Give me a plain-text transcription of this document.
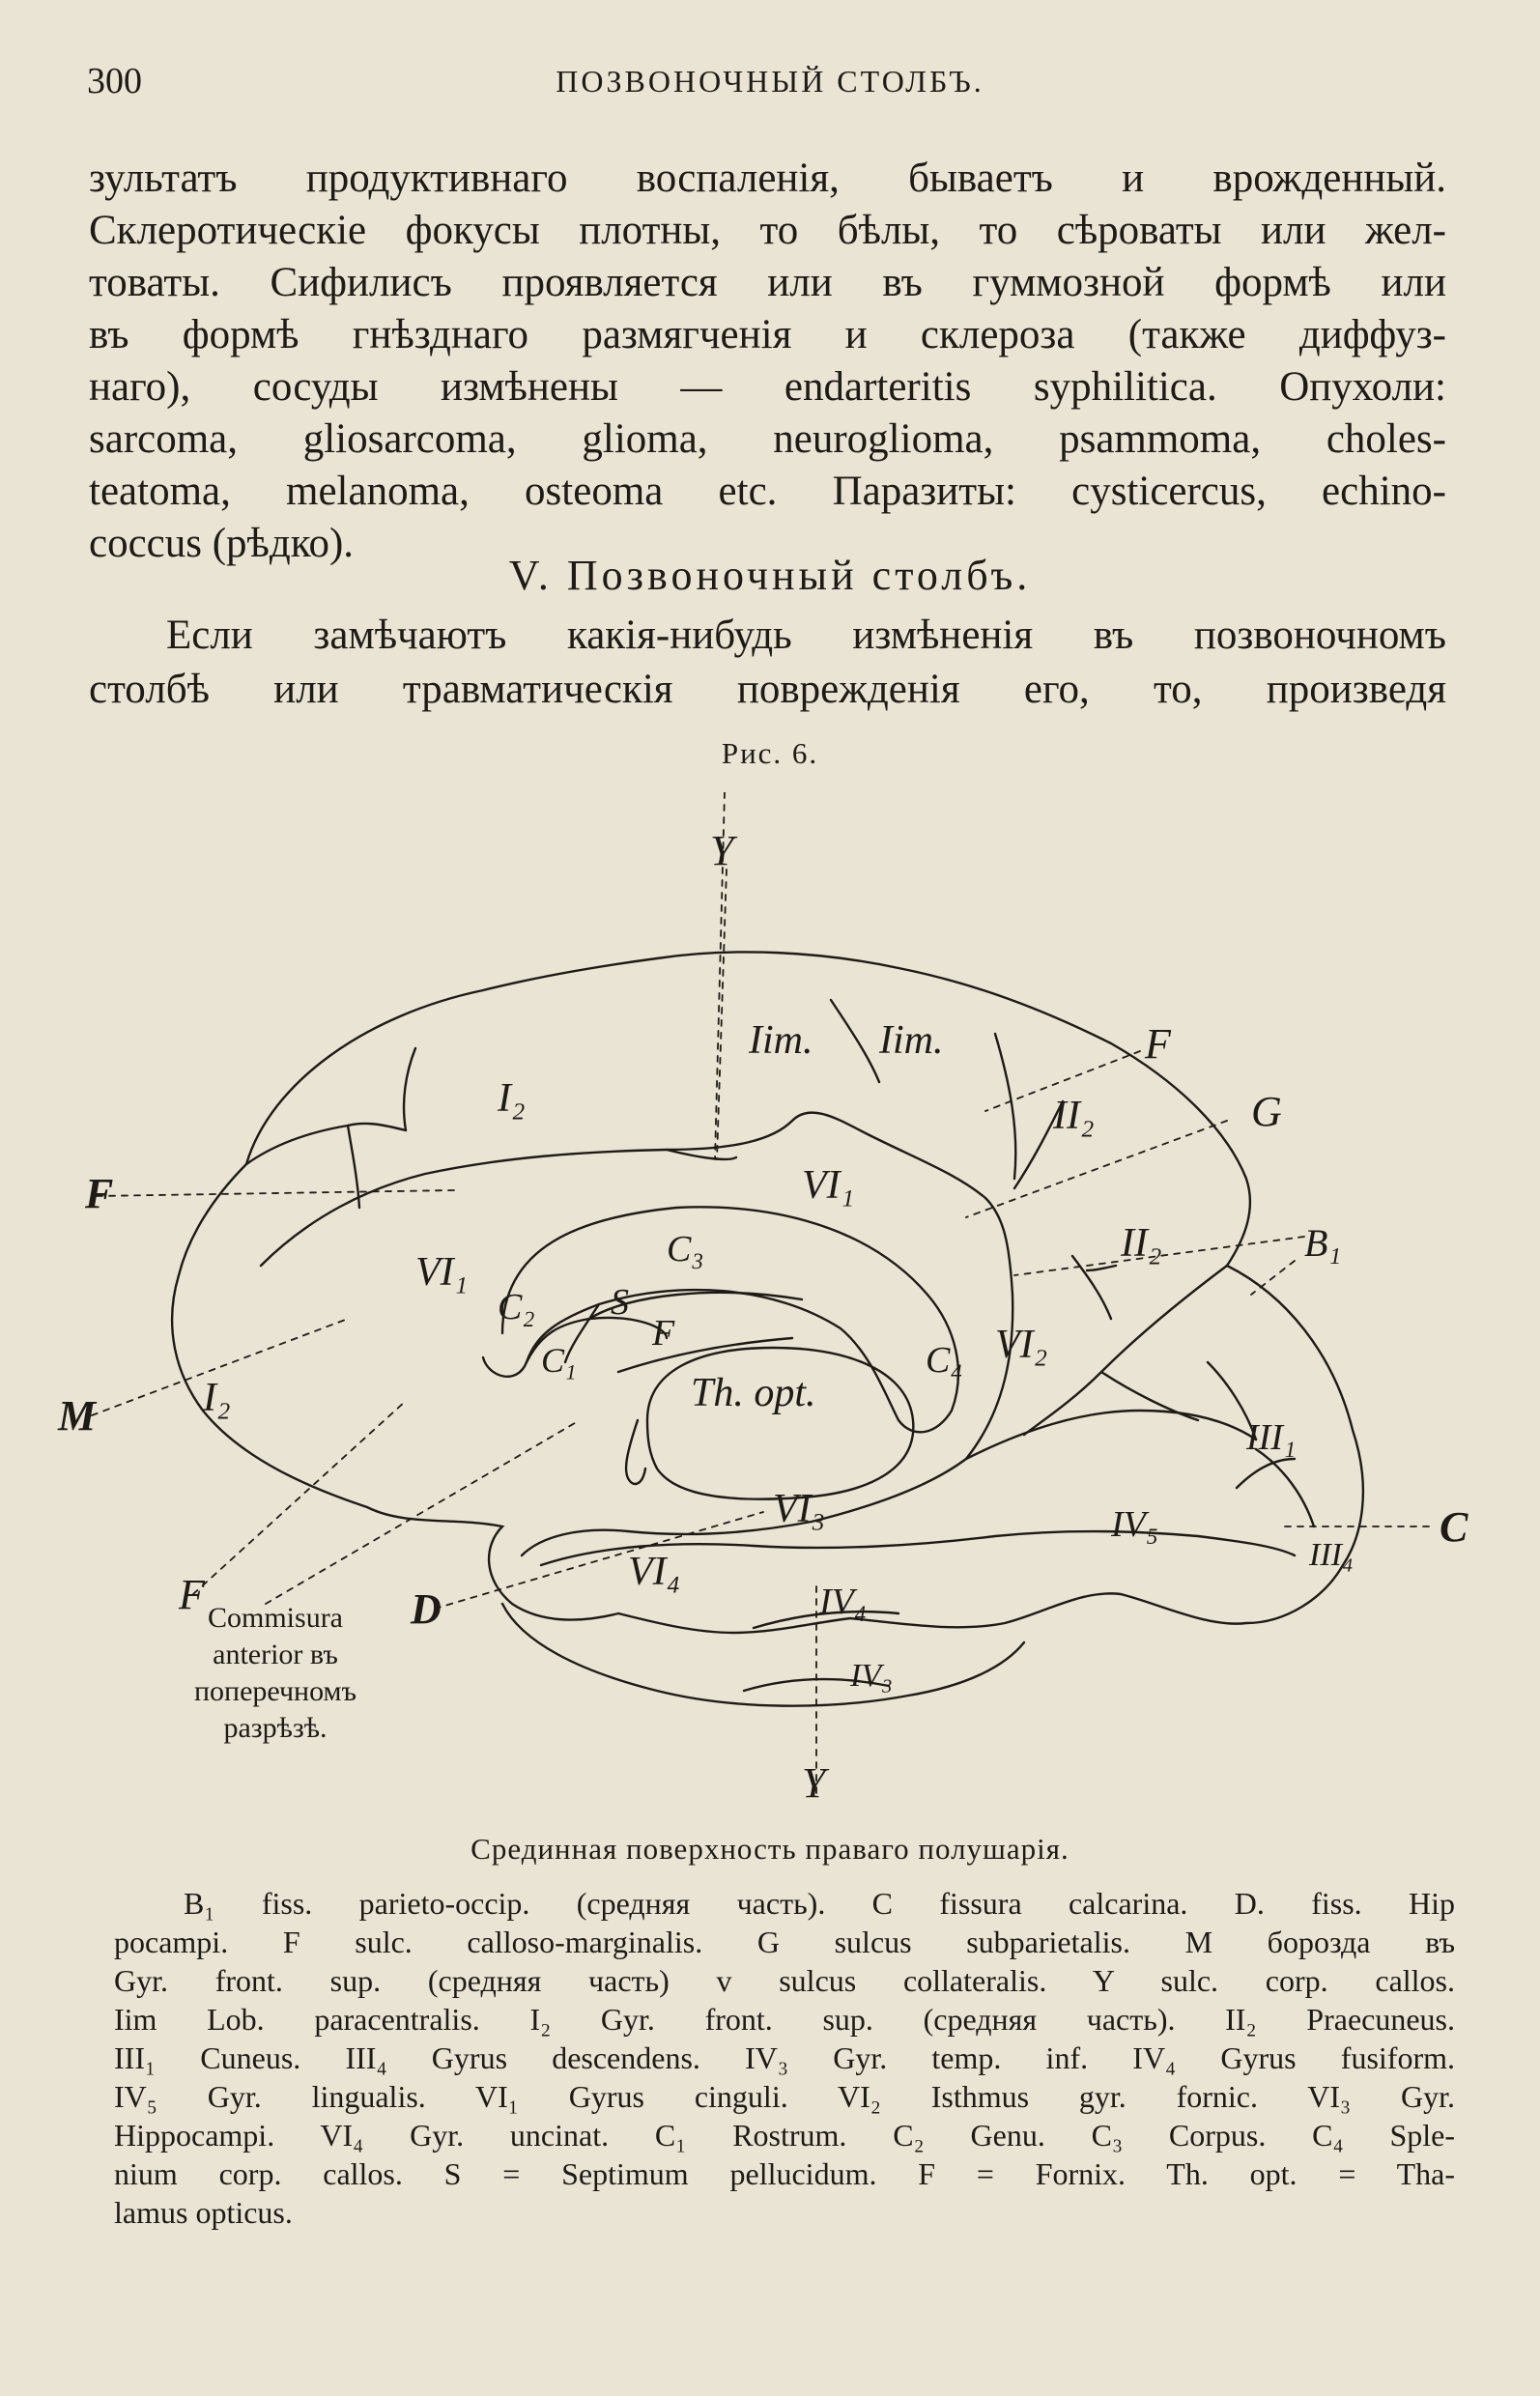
300	ПОЗВОНОЧНЫЙ СТОЛБЪ.

зультатъ продуктивнаго воспаленія, бываетъ и врожденный.

Склеротическіе фокусы плотны, то бѣлы, то сѣроваты или жел-

товаты. Сифилисъ проявляется или въ гуммозной формѣ или

въ формѣ гнѣзднаго размягченія и склероза (также диффуз-

наго), сосуды измѣнены — endarteritis syphilitica. Опухоли:

sarcoma, gliosarcoma, glioma, neuroglioma, psammoma, choles-

teatoma, melanoma, osteoma etc. Паразиты: cysticercus, echino-

coccus (рѣдко).

V. Позвоночный столбъ.

Если замѣчаютъ какія-нибудь измѣненія въ позвоночномъ

столбѣ или травматическія поврежденія его, то, произведя

Рис. 6.
Y
Y
F
F
F
M
D
C
G
B₁
Iim. Iim.
I₂
I₂
II₂
II₂
VI₁
VI₁
VI₂
VI₃
VI₄
C₃
C₂
C₁	C₄
S
F
Th. opt.
III₁
III₄
IV₅
IV₄
IV₃
Commisura
anterior въ
поперечномъ
разрѣзѣ.
Срединная поверхность праваго полушарія.

B₁ fiss. parieto-occip. (средняя часть). C fissura calcarina. D. fiss. Hip

pocampi. F sulc. calloso-marginalis. G sulcus subparietalis. M борозда въ

Gyr. front. sup. (средняя часть) v sulcus collateralis. Y sulc. corp. callos.

Iim Lob. paracentralis. I₂ Gyr. front. sup. (средняя часть). II₂ Praecuneus.

III₁ Cuneus. III₄ Gyrus descendens. IV₃ Gyr. temp. inf. IV₄ Gyrus fusiform.

IV₅ Gyr. lingualis. VI₁ Gyrus cinguli. VI₂ Isthmus gyr. fornic. VI₃ Gyr.

Hippocampi. VI₄ Gyr. uncinat. C₁ Rostrum. C₂ Genu. C₃ Corpus. C₄ Sple-

nium corp. callos. S = Septimum pellucidum. F = Fornix. Th. opt. = Tha-

lamus opticus.
